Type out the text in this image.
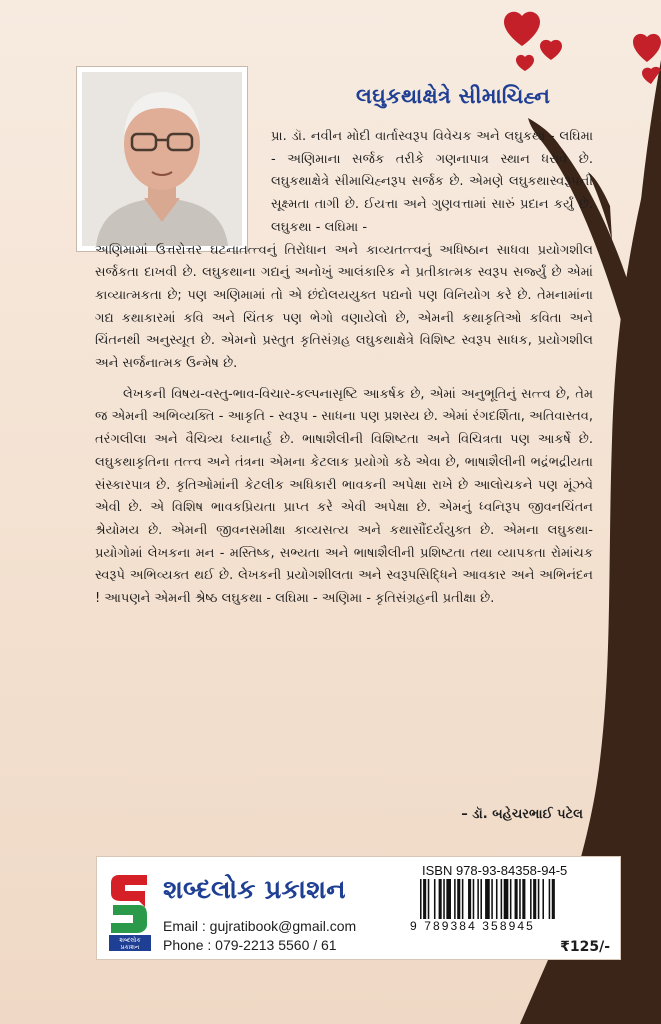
લઘુકથાક્ષેત્રે સીમાચિહ્ન

પ્રા. ડૉ. નવીન મોદી વાર્તાસ્વરૂપ વિવેચક અને લઘુકથા - લઘિમા - અણિમાના સર્જક તરીકે ગણનાપાત્ર સ્થાન ધરાવે છે. લઘુકથાક્ષેત્રે સીમાચિહ્નરૂપ સર્જક છે. એમણે લઘુકથાસ્વરૂપની સૂક્ષ્મતા તાગી છે. ઈયત્તા અને ગુણવત્તામાં સારું પ્રદાન કર્યું છે. લઘુકથા - લઘિમા -
અણિમામાં ઉત્તરોત્તર ઘટનાતત્ત્વનું તિરોધાન અને કાવ્યતત્ત્વનું અધિષ્ઠાન સાધવા પ્રયોગશીલ સર્જકતા દાખવી છે. લઘુકથાના ગદ્યનું અનોખું આલંકારિક ને પ્રતીકાત્મક સ્વરૂપ સર્જ્યું છે એમાં કાવ્યાત્મકતા છે; પણ અણિમામાં તો એ છંદોલયયુક્ત પદ્યનો પણ વિનિયોગ કરે છે. તેમનામાંના ગદ્ય કથાકારમાં કવિ અને ચિંતક પણ ભેગો વણાયેલો છે, એમની કથાકૃતિઓ કવિતા અને ચિંતનથી અનુસ્યૂત છે. એમનો પ્રસ્તુત કૃતિસંગ્રહ લઘુકથાક્ષેત્રે વિશિષ્ટ સ્વરૂપ સાધક, પ્રયોગશીલ અને સર્જનાત્મક ઉન્મેષ છે.

લેખકની વિષય-વસ્તુ-ભાવ-વિચાર-કલ્પનાસૃષ્ટિ આકર્ષક છે, એમાં અનુભૂતિનું સત્ત્વ છે, તેમ જ એમની અભિવ્યક્તિ - આકૃતિ - સ્વરૂપ - સાધના પણ પ્રશસ્ય છે. એમાં રંગદર્શિતા, અતિવાસ્તવ, તરંગલીલા અને વૈચિત્ર્ય ધ્યાનાર્હ છે. ભાષાશૈલીની વિશિષ્ટતા અને વિચિત્રતા પણ આકર્ષે છે. લઘુકથાકૃતિના તત્ત્વ અને તંત્રના એમના કેટલાક પ્રયોગો કઠે એવા છે, ભાષાશૈલીની ભદ્રંભદ્રીયતા સંસ્કારપાત્ર છે. કૃતિઓમાંની કેટલીક અધિકારી ભાવકની અપેક્ષા રાખે છે આલોચકને પણ મૂંઝવે એવી છે. એ વિશિષ ભાવકપ્રિયતા પ્રાપ્ત કરે એવી અપેક્ષા છે. એમનું ધ્વનિરૂપ જીવનચિંતન શ્રેયોમય છે. એમની જીવનસમીક્ષા કાવ્યસત્ય અને કથાસૌંદર્યયુક્ત છે. એમના લઘુકથા-પ્રયોગોમાં લેખકના મન - મસ્તિષ્ક, સભ્યતા અને ભાષાશૈલીની પ્રશિષ્ટતા તથા વ્યાપકતા રોમાંચક સ્વરૂપે અભિવ્યક્ત થઈ છે. લેખકની પ્રયોગશીલતા અને સ્વરૂપસિદ્ધિને આવકાર અને અભિનંદન ! આપણને એમની શ્રેષ્ઠ લઘુકથા - લઘિમા - અણિમા - કૃતિસંગ્રહની પ્રતીક્ષા છે.

– ડૉ. બહેચરભાઈ પટેલ

શબ્દલોક
પ્રકાશન
શબ્દલોક પ્રકાશન
Email : gujratibook@gmail.com
Phone : 079-2213 5560 / 61
ISBN 978-93-84358-94-5
9 789384 358945
₹125/-
